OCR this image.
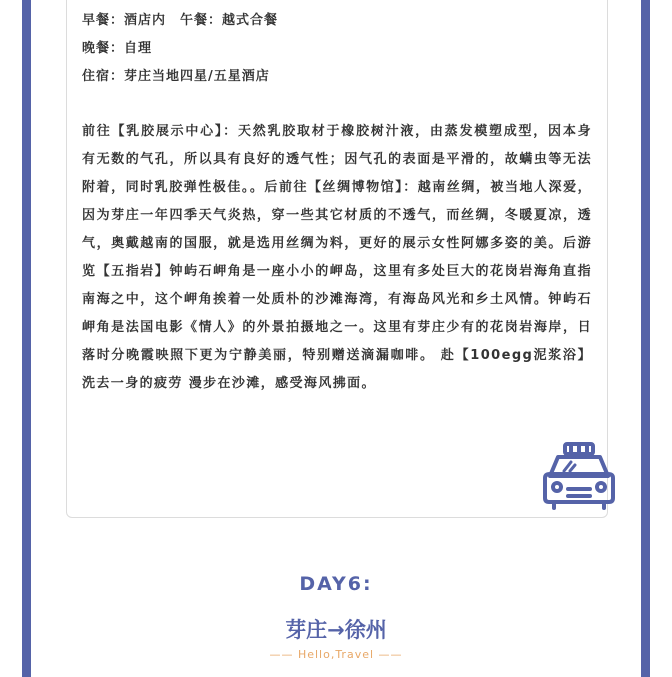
早餐：酒店内　午餐：越式合餐
晚餐：自理
住宿：芽庄当地四星/五星酒店
前往【乳胶展示中心】：天然乳胶取材于橡胶树汁液，由蒸发模塑成型，因本身有无数的气孔，所以具有良好的透气性；因气孔的表面是平滑的，故螨虫等无法附着，同时乳胶弹性极佳。。后前往【丝绸博物馆】：越南丝绸，被当地人深爱，因为芽庄一年四季天气炎热，穿一些其它材质的不透气，而丝绸，冬暖夏凉，透气，奥戴越南的国服，就是选用丝绸为料，更好的展示女性阿娜多姿的美。后游览【五指岩】钟屿石岬角是一座小小的岬岛，这里有多处巨大的花岗岩海角直指南海之中，这个岬角挨着一处质朴的沙滩海湾，有海岛风光和乡土风情。钟屿石岬角是法国电影《情人》的外景拍摄地之一。这里有芽庄少有的花岗岩海岸，日落时分晚霞映照下更为宁静美丽，特别赠送滴漏咖啡。 赴【100egg泥浆浴】洗去一身的疲劳 漫步在沙滩，感受海风拂面。
DAY6:
芽庄→徐州
—— Hello,Travel ——
